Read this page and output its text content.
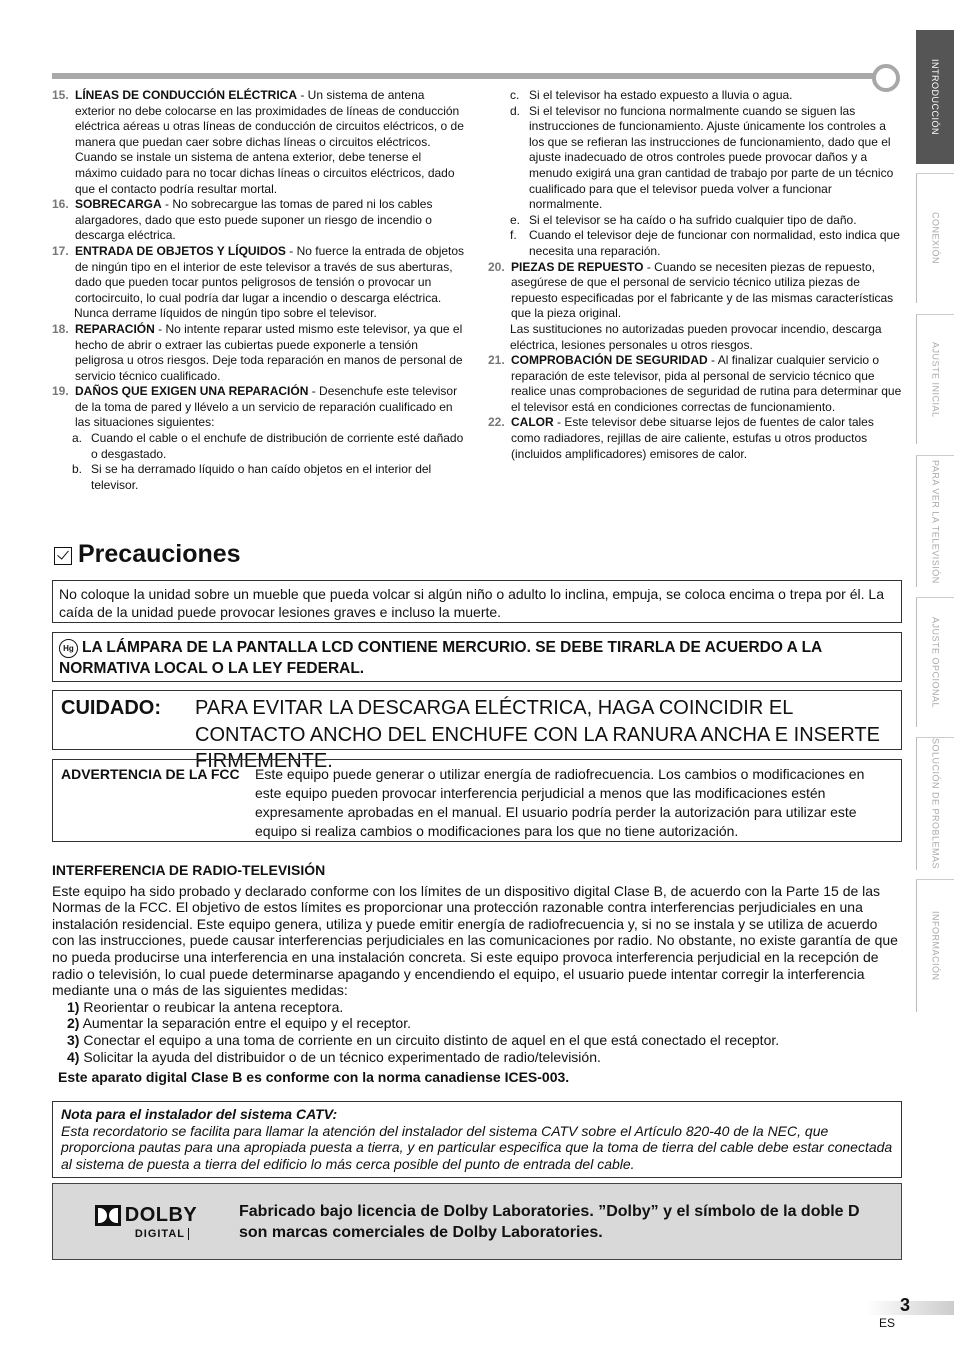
INTRODUCCIÓN
CONEXIÓN
AJUSTE INICIAL
PARA VER LA TELEVISIÓN
AJUSTE OPCIONAL
SOLUCIÓN DE PROBLEMAS
INFORMACIÓN
15. LÍNEAS DE CONDUCCIÓN ELÉCTRICA - Un sistema de antena exterior no debe colocarse en las proximidades de líneas de conducción eléctrica aéreas u otras líneas de conducción de circuitos eléctricos, o de manera que puedan caer sobre dichas líneas o circuitos eléctricos. Cuando se instale un sistema de antena exterior, debe tenerse el máximo cuidado para no tocar dichas líneas o circuitos eléctricos, dado que el contacto podría resultar mortal.
16. SOBRECARGA - No sobrecargue las tomas de pared ni los cables alargadores, dado que esto puede suponer un riesgo de incendio o descarga eléctrica.
17. ENTRADA DE OBJETOS Y LÍQUIDOS - No fuerce la entrada de objetos de ningún tipo en el interior de este televisor a través de sus aberturas, dado que pueden tocar puntos peligrosos de tensión o provocar un cortocircuito, lo cual podría dar lugar a incendio o descarga eléctrica.
Nunca derrame líquidos de ningún tipo sobre el televisor.
18. REPARACIÓN - No intente reparar usted mismo este televisor, ya que el hecho de abrir o extraer las cubiertas puede exponerle a tensión peligrosa u otros riesgos. Deje toda reparación en manos de personal de servicio técnico cualificado.
19. DAÑOS QUE EXIGEN UNA REPARACIÓN - Desenchufe este televisor de la toma de pared y llévelo a un servicio de reparación cualificado en las situaciones siguientes:
a. Cuando el cable o el enchufe de distribución de corriente esté dañado o desgastado.
b. Si se ha derramado líquido o han caído objetos en el interior del televisor.
c. Si el televisor ha estado expuesto a lluvia o agua.
d. Si el televisor no funciona normalmente cuando se siguen las instrucciones de funcionamiento. Ajuste únicamente los controles a los que se refieran las instrucciones de funcionamiento, dado que el ajuste inadecuado de otros controles puede provocar daños y a menudo exigirá una gran cantidad de trabajo por parte de un técnico cualificado para que el televisor pueda volver a funcionar normalmente.
e. Si el televisor se ha caído o ha sufrido cualquier tipo de daño.
f.	Cuando el televisor deje de funcionar con normalidad, esto indica que necesita una reparación.
20. PIEZAS DE REPUESTO - Cuando se necesiten piezas de repuesto, asegúrese de que el personal de servicio técnico utiliza piezas de repuesto especificadas por el fabricante y de las mismas características que la pieza original.
Las sustituciones no autorizadas pueden provocar incendio, descarga eléctrica, lesiones personales u otros riesgos.
21. COMPROBACIÓN DE SEGURIDAD - Al finalizar cualquier servicio o reparación de este televisor, pida al personal de servicio técnico que realice unas comprobaciones de seguridad de rutina para determinar que el televisor está en condiciones correctas de funcionamiento.
22. CALOR - Este televisor debe situarse lejos de fuentes de calor tales como radiadores, rejillas de aire caliente, estufas u otros productos (incluidos amplificadores) emisores de calor.
Precauciones
No coloque la unidad sobre un mueble que pueda volcar si algún niño o adulto lo inclina, empuja, se coloca encima o trepa por él. La caída de la unidad puede provocar lesiones graves e incluso la muerte.
Hg LA LÁMPARA DE LA PANTALLA LCD CONTIENE MERCURIO. SE DEBE TIRARLA DE ACUERDO A LA NORMATIVA LOCAL O LA LEY FEDERAL.
CUIDADO:	PARA EVITAR LA DESCARGA ELÉCTRICA, HAGA COINCIDIR EL CONTACTO ANCHO DEL ENCHUFE CON LA RANURA ANCHA E INSERTE FIRMEMENTE.
ADVERTENCIA DE LA FCC	Este equipo puede generar o utilizar energía de radiofrecuencia. Los cambios o modificaciones en este equipo pueden provocar interferencia perjudicial a menos que las modificaciones estén expresamente aprobadas en el manual. El usuario podría perder la autorización para utilizar este equipo si realiza cambios o modificaciones para los que no tiene autorización.
INTERFERENCIA DE RADIO-TELEVISIÓN

Este equipo ha sido probado y declarado conforme con los límites de un dispositivo digital Clase B, de acuerdo con la Parte 15 de las Normas de la FCC. El objetivo de estos límites es proporcionar una protección razonable contra interferencias perjudiciales en una instalación residencial. Este equipo genera, utiliza y puede emitir energía de radiofrecuencia y, si no se instala y se utiliza de acuerdo con las instrucciones, puede causar interferencias perjudiciales en las comunicaciones por radio. No obstante, no existe garantía de que no pueda producirse una interferencia en una instalación concreta. Si este equipo provoca interferencia perjudicial en la recepción de radio o televisión, lo cual puede determinarse apagando y encendiendo el equipo, el usuario puede intentar corregir la interferencia mediante una o más de las siguientes medidas:

1) Reorientar o reubicar la antena receptora.
2) Aumentar la separación entre el equipo y el receptor.
3) Conectar el equipo a una toma de corriente en un circuito distinto de aquel en el que está conectado el receptor.
4) Solicitar la ayuda del distribuidor o de un técnico experimentado de radio/televisión.
Este aparato digital Clase B es conforme con la norma canadiense ICES-003.
Nota para el instalador del sistema CATV:
Esta recordatorio se facilita para llamar la atención del instalador del sistema CATV sobre el Artículo 820-40 de la NEC, que proporciona pautas para una apropiada puesta a tierra, y en particular especifica que la toma de tierra del cable debe estar conectada al sistema de puesta a tierra del edificio lo más cerca posible del punto de entrada del cable.
DOLBY
DIGITAL
Fabricado bajo licencia de Dolby Laboratories. ”Dolby” y el símbolo de la doble D son marcas comerciales de Dolby Laboratories.
3
ES
